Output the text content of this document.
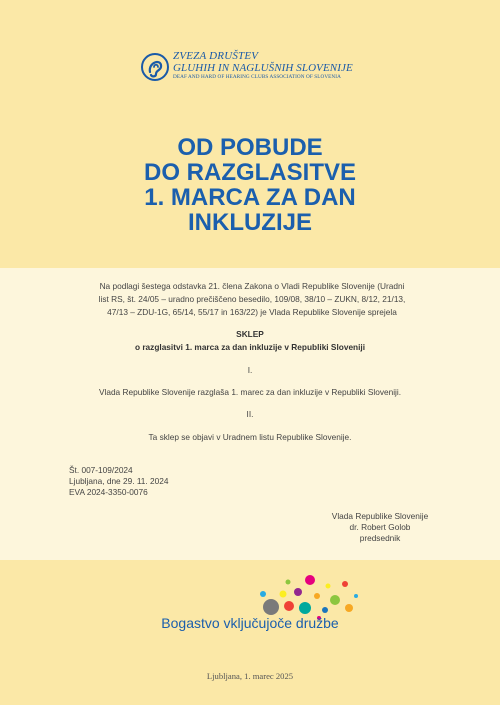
ZVEZA DRUŠTEV
GLUHIH IN NAGLUŠNIH SLOVENIJE
DEAF AND HARD OF HEARING CLUBS ASSOCIATION OF SLOVENIA
OD POBUDE
DO RAZGLASITVE
1. MARCA ZA DAN
INKLUZIJE
Na podlagi šestega odstavka 21. člena Zakona o Vladi Republike Slovenije (Uradni
list RS, št. 24/05 – uradno prečiščeno besedilo, 109/08, 38/10 – ZUKN, 8/12, 21/13,
47/13 – ZDU-1G, 65/14, 55/17 in 163/22) je Vlada Republike Slovenije sprejela
SKLEP
o razglasitvi 1. marca za dan inkluzije v Republiki Sloveniji
I.
Vlada Republike Slovenije razglaša 1. marec za dan inkluzije v Republiki Sloveniji.
II.
Ta sklep se objavi v Uradnem listu Republike Slovenije.
Št. 007-109/2024
Ljubljana, dne 29. 11. 2024
EVA 2024-3350-0076
Vlada Republike Slovenije
dr. Robert Golob
predsednik
Bogastvo vključujoče družbe
Ljubljana, 1. marec 2025
